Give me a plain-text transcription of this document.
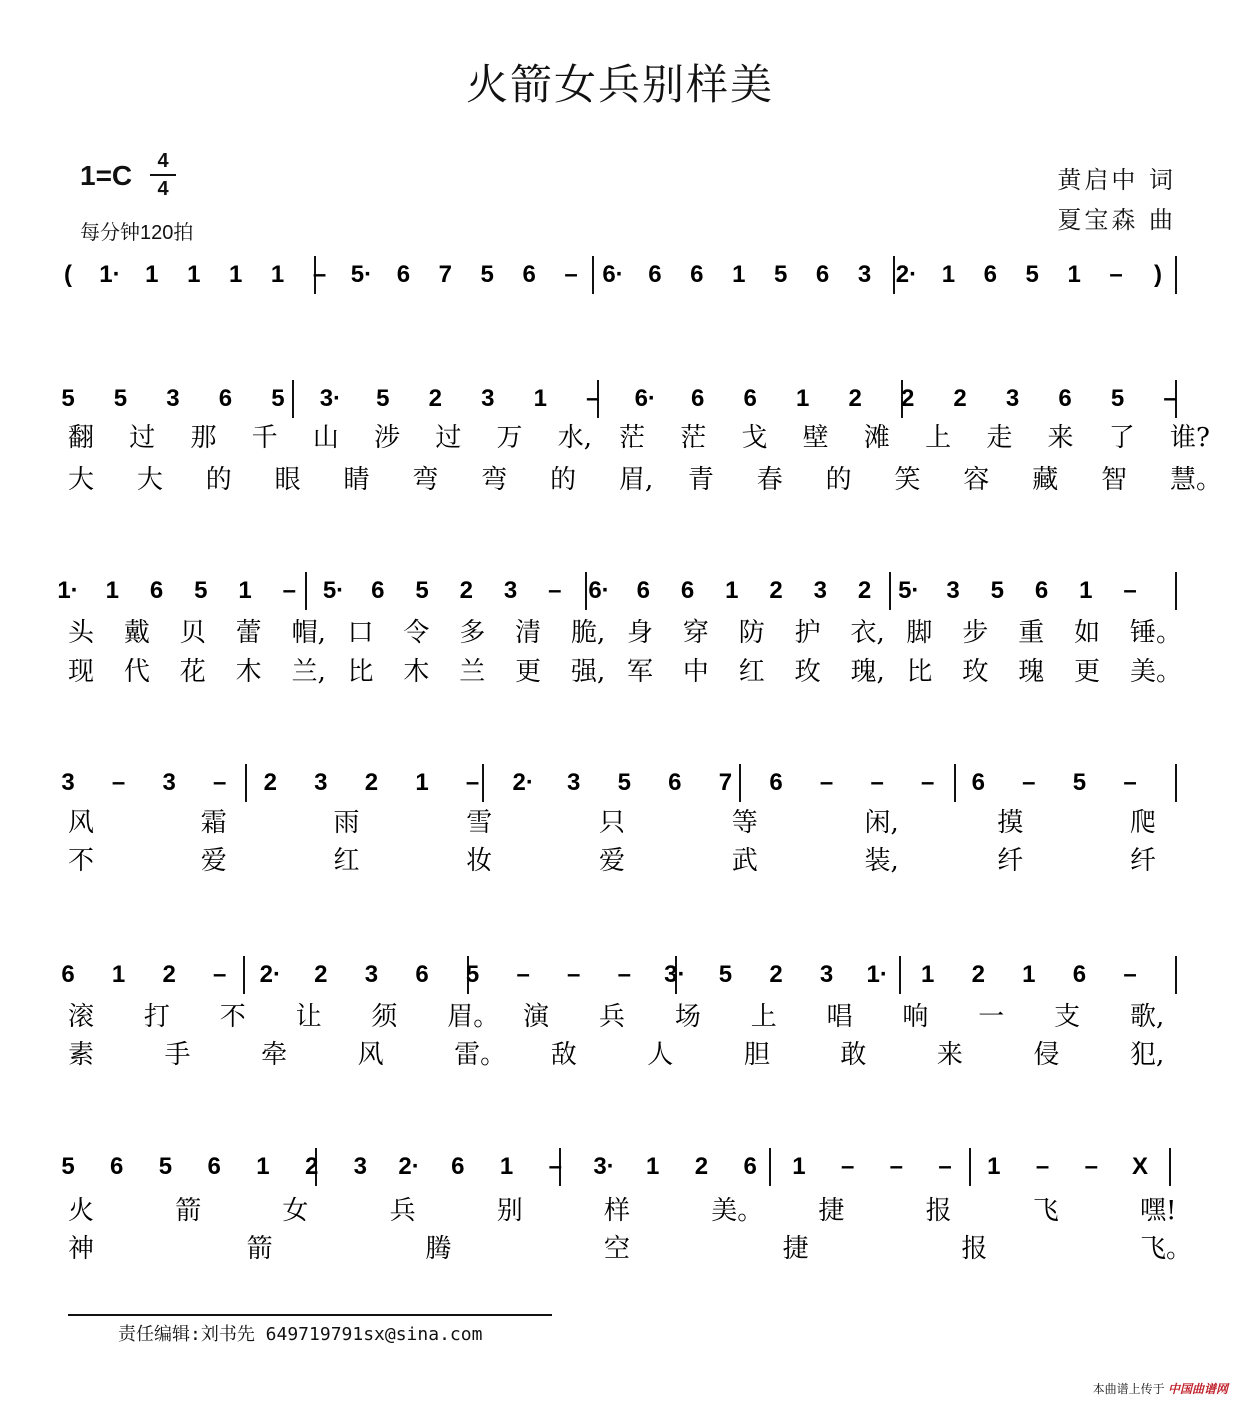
火箭女兵别样美
1=C	4
4
每分钟120拍
黄启中 词
夏宝森 曲
( 1· 1 1 1 1 – 5· 6 7 5 6 – 6· 6 6 1 5 6 3 2· 1 6 5 1 – )
5 5 3 6 5 3· 5 2 3 1 – 6· 6 6 1 2 2 2 3 6 5 –
翻 过 那 千 山 涉 过 万 水, 茫 茫 戈 壁 滩 上 走 来 了 谁?
大 大 的 眼 睛 弯 弯 的 眉, 青 春 的 笑 容 藏 智 慧。
1· 1 6 5 1 – 5· 6 5 2 3 – 6· 6 6 1 2 3 2 5· 3 5 6 1 –
头 戴 贝 蕾 帽, 口 令 多 清 脆, 身 穿 防 护 衣, 脚 步 重 如 锤。
现 代 花 木 兰, 比 木 兰 更 强, 军 中 红 玫 瑰, 比 玫 瑰 更 美。
3 – 3 – 2 3 2 1 – 2· 3 5 6 7 6 – – – 6 – 5 –
风	霜	雨	雪	只	等	闲,	摸	爬
不	爱	红	妆	爱	武	装,	纤	纤
6 1 2 – 2· 2 3 6 5 – – – 3· 5 2 3 1· 1 2 1 6 –
滚 打 不 让 须 眉。 演 兵 场 上 唱 响 一 支 歌,
素	手	牵	风	雷。 敌	人	胆	敢	来	侵	犯,
5 6 5 6 1 2 3 2· 6 1 – 3· 1 2 6 1 – – – 1 – – X
火	箭	女	兵	别	样	美。 捷	报	飞	嘿!
神	箭	腾	空	捷	报	飞。
责任编辑:刘书先 649719791sx@sina.com
本曲谱上传于 中国曲谱网
